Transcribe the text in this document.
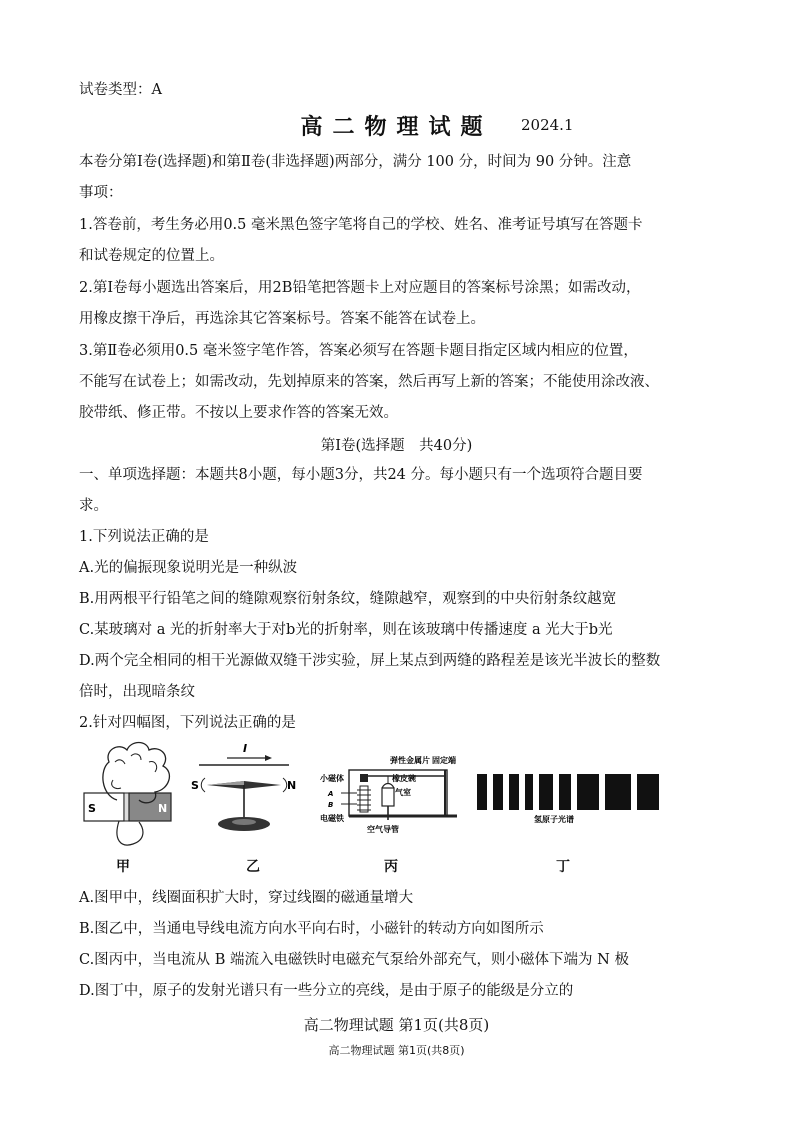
试卷类型：A
高二物理试题 2024.1
本卷分第Ⅰ卷(选择题)和第Ⅱ卷(非选择题)两部分，满分 100 分，时间为 90 分钟。注意
事项：
1.答卷前，考生务必用0.5 毫米黑色签字笔将自己的学校、姓名、准考证号填写在答题卡
和试卷规定的位置上。
2.第Ⅰ卷每小题选出答案后，用2B铅笔把答题卡上对应题目的答案标号涂黑；如需改动，
用橡皮擦干净后，再选涂其它答案标号。答案不能答在试卷上。
3.第Ⅱ卷必须用0.5 毫米签字笔作答，答案必须写在答题卡题目指定区域内相应的位置，
不能写在试卷上；如需改动，先划掉原来的答案，然后再写上新的答案；不能使用涂改液、
胶带纸、修正带。不按以上要求作答的答案无效。
第Ⅰ卷(选择题　共40分)
一、单项选择题：本题共8小题，每小题3分，共24 分。每小题只有一个选项符合题目要
求。
1.下列说法正确的是
A.光的偏振现象说明光是一种纵波
B.用两根平行铅笔之间的缝隙观察衍射条纹，缝隙越窄，观察到的中央衍射条纹越宽
C.某玻璃对 a 光的折射率大于对b光的折射率，则在该玻璃中传播速度 a 光大于b光
D.两个完全相同的相干光源做双缝干涉实验，屏上某点到两缝的路程差是该光半波长的整数
倍时，出现暗条纹
2.针对四幅图，下列说法正确的是
S	N
I
S	N
弹性金属片 固定端
小磁体	橡皮碗
气室
A
B
电磁铁
空气导管
氢原子光谱
甲	乙	丙	丁
A.图甲中，线圈面积扩大时，穿过线圈的磁通量增大
B.图乙中，当通电导线电流方向水平向右时，小磁针的转动方向如图所示
C.图丙中，当电流从 B 端流入电磁铁时电磁充气泵给外部充气，则小磁体下端为 N 极
D.图丁中，原子的发射光谱只有一些分立的亮线，是由于原子的能级是分立的
高二物理试题 第1页(共8页)
高二物理试题 第1页(共8页)
